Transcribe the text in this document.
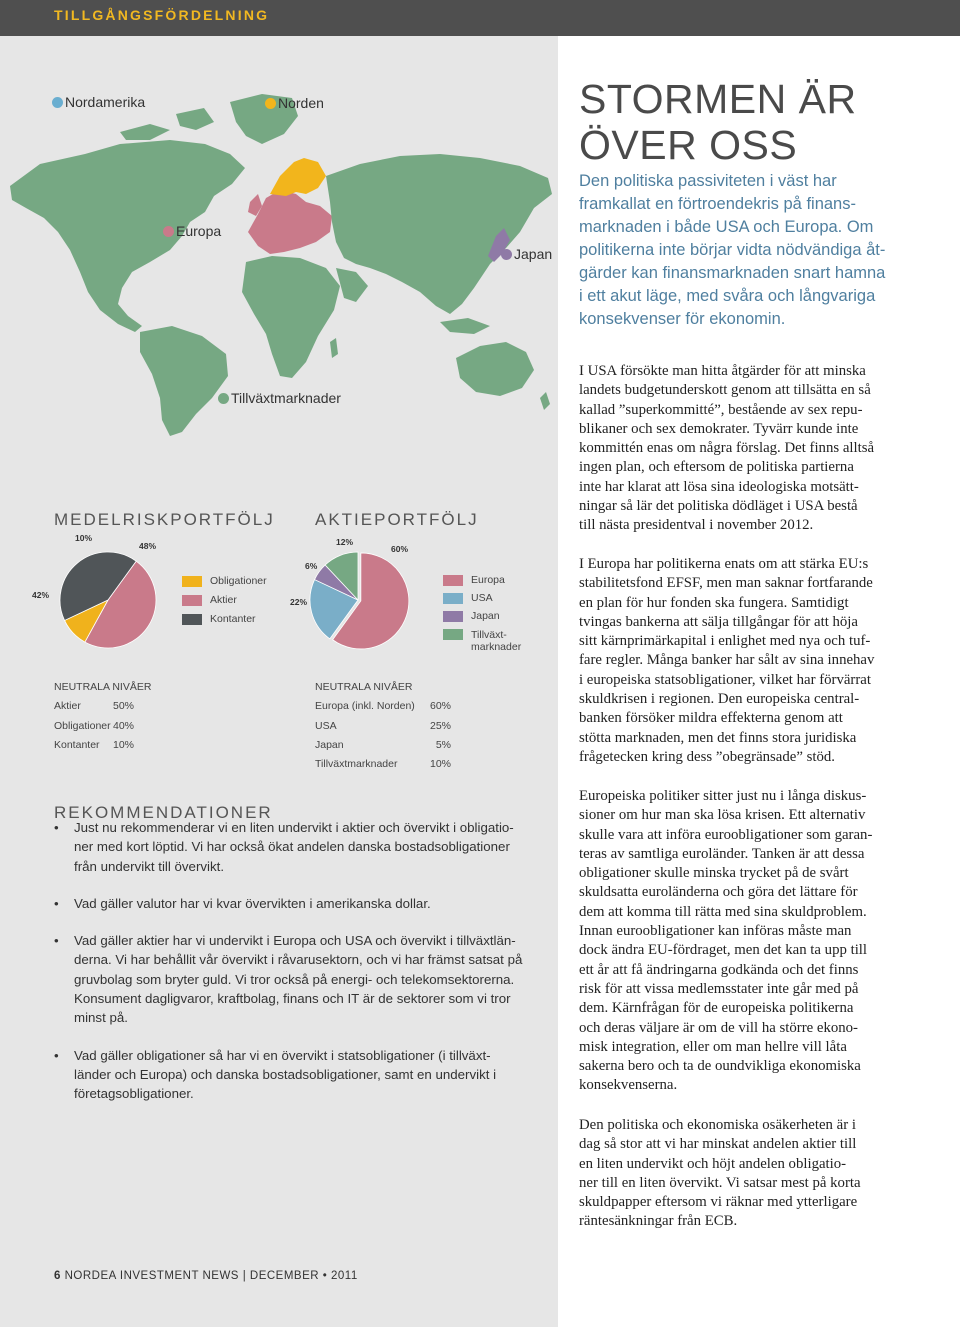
TILLGÅNGSFÖRDELNING
Nordamerika	Norden
Europa
Japan
Tillväxtmarknader
STORMEN ÄR
ÖVER OSS
Den politiska passiviteten i väst har
framkallat en förtroendekris på finans-
marknaden i både USA och Europa. Om
politikerna inte börjar vidta nödvändiga åt-
gärder kan finansmarknaden snart hamna
i ett akut läge, med svåra och långvariga
konsekvenser för ekonomin.
I USA försökte man hitta åtgärder för att minska
landets budgetunderskott genom att tillsätta en så
kallad ”superkommitté”, bestående av sex repu-
blikaner och sex demokrater. Tyvärr kunde inte
kommittén enas om några förslag. Det finns alltså
ingen plan, och eftersom de politiska partierna
inte har klarat att lösa sina ideologiska motsätt-
ningar så lär det politiska dödläget i USA bestå
till nästa presidentval i november 2012.
I Europa har politikerna enats om att stärka EU:s
stabilitetsfond EFSF, men man saknar fortfarande
en plan för hur fonden ska fungera. Samtidigt
tvingas bankerna att sälja tillgångar för att höja
sitt kärnprimärkapital i enlighet med nya och tuf-
fare regler. Många banker har sålt av sina innehav
i europeiska statsobligationer, vilket har förvärrat
skuldkrisen i regionen. Den europeiska central-
banken försöker mildra effekterna genom att
stötta marknaden, men det finns stora juridiska
frågetecken kring dess ”obegränsade” stöd.
Europeiska politiker sitter just nu i långa diskus-
sioner om hur man ska lösa krisen. Ett alternativ
skulle vara att införa euroobligationer som garan-
teras av samtliga euroländer. Tanken är att dessa
obligationer skulle minska trycket på de svårt
skuldsatta euroländerna och göra det lättare för
dem att komma till rätta med sina skuldproblem.
Innan euroobligationer kan införas måste man
dock ändra EU-fördraget, men det kan ta upp till
ett år att få ändringarna godkända och det finns
risk för att vissa medlemsstater inte går med på
dem. Kärnfrågan för de europeiska politikerna
och deras väljare är om de vill ha större ekono-
misk integration, eller om man hellre vill låta
sakerna bero och ta de oundvikliga ekonomiska
konsekvenserna.
Den politiska och ekonomiska osäkerheten är i
dag så stor att vi har minskat andelen aktier till
en liten undervikt och höjt andelen obligatio-
ner till en liten övervikt. Vi satsar mest på korta
skuldpapper eftersom vi räknar med ytterligare
räntesänkningar från ECB.
MEDELRISKPORTFÖLJ
10%
48%
42%
Obligationer
Aktier
Kontanter
NEUTRALA NIVÅER
Aktier	50%
Obligationer 40%
Kontanter 10%
AKTIEPORTFÖLJ
60%
22%
6%
12%
Europa
USA
Japan
Tillväxt-
marknader
NEUTRALA NIVÅER
Europa (inkl. Norden)	60%
USA	25%
Japan	5%
Tillväxtmarknader	10%
REKOMMENDATIONER
• Just nu rekommenderar vi en liten undervikt i aktier och övervikt i obligatio-
ner med kort löptid. Vi har också ökat andelen danska bostadsobligationer
från undervikt till övervikt.
• Vad gäller valutor har vi kvar övervikten i amerikanska dollar.
• Vad gäller aktier har vi undervikt i Europa och USA och övervikt i tillväxtlän-
derna. Vi har behållit vår övervikt i råvarusektorn, och vi har främst satsat på
gruvbolag som bryter guld. Vi tror också på energi- och telekomsektorerna.
Konsument dagligvaror, kraftbolag, finans och IT är de sektorer som vi tror
minst på.
• Vad gäller obligationer så har vi en övervikt i statsobligationer (i tillväxt-
länder och Europa) och danska bostadsobligationer, samt en undervikt i
företagsobligationer.
6 NORDEA INVESTMENT NEWS | DECEMBER • 2011
